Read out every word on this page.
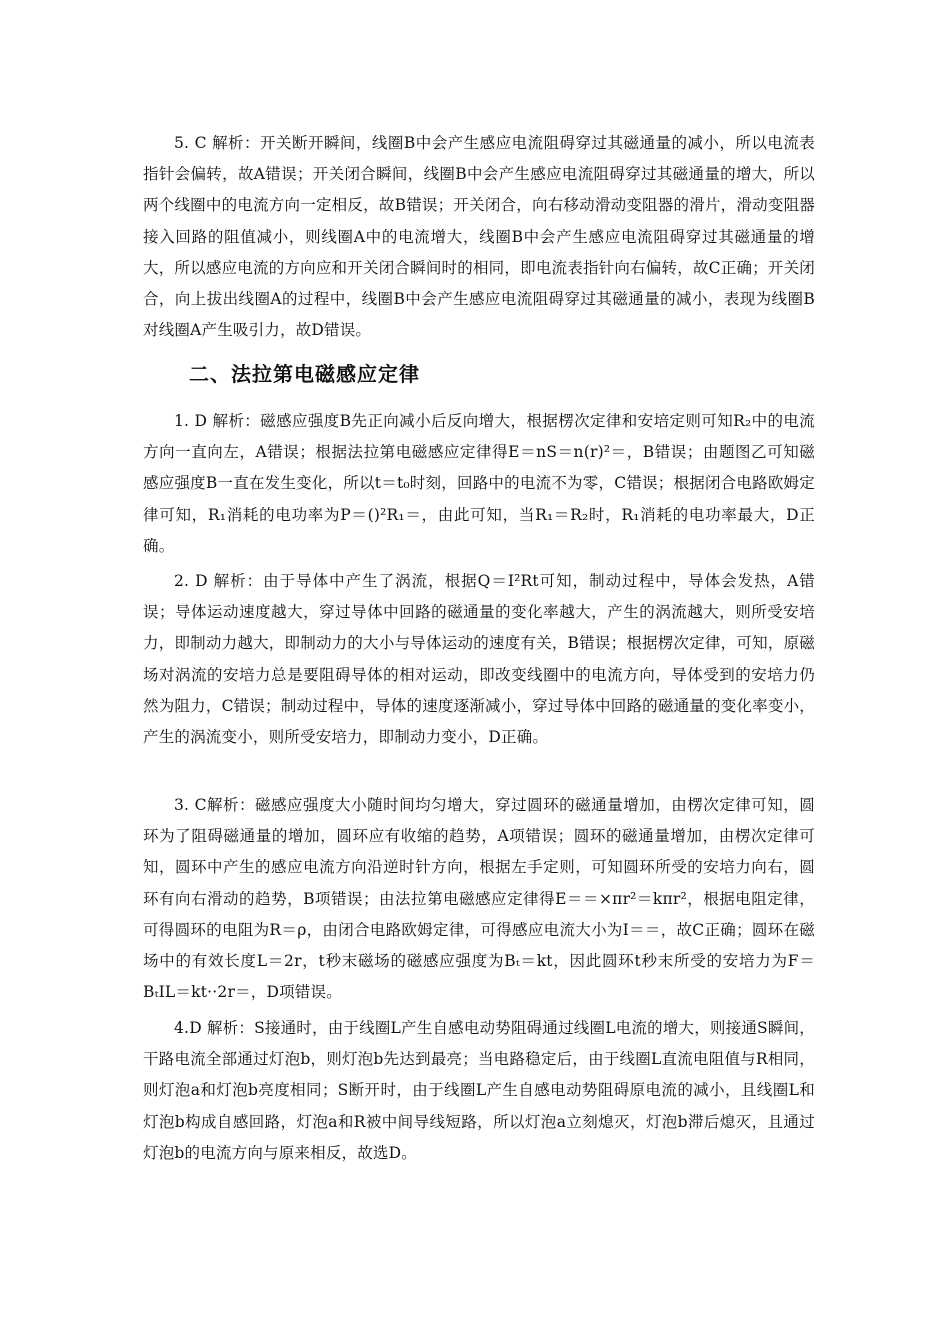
5. C 解析：开关断开瞬间，线圈B中会产生感应电流阻碍穿过其磁通量的减小，所以电流表指针会偏转，故A错误；开关闭合瞬间，线圈B中会产生感应电流阻碍穿过其磁通量的增大，所以两个线圈中的电流方向一定相反，故B错误；开关闭合，向右移动滑动变阻器的滑片，滑动变阻器接入回路的阻值减小，则线圈A中的电流增大，线圈B中会产生感应电流阻碍穿过其磁通量的增大，所以感应电流的方向应和开关闭合瞬间时的相同，即电流表指针向右偏转，故C正确；开关闭合，向上拔出线圈A的过程中，线圈B中会产生感应电流阻碍穿过其磁通量的减小，表现为线圈B对线圈A产生吸引力，故D错误。

二、法拉第电磁感应定律

1. D 解析：磁感应强度B先正向减小后反向增大，根据楞次定律和安培定则可知R₂中的电流方向一直向左，A错误；根据法拉第电磁感应定律得E＝nS＝n(r)²＝，B错误；由题图乙可知磁感应强度B一直在发生变化，所以t＝t₀时刻，回路中的电流不为零，C错误；根据闭合电路欧姆定律可知，R₁消耗的电功率为P＝()²R₁＝，由此可知，当R₁＝R₂时，R₁消耗的电功率最大，D正确。

2. D 解析：由于导体中产生了涡流，根据Q＝I²Rt可知，制动过程中，导体会发热，A错误；导体运动速度越大，穿过导体中回路的磁通量的变化率越大，产生的涡流越大，则所受安培力，即制动力越大，即制动力的大小与导体运动的速度有关，B错误；根据楞次定律，可知，原磁场对涡流的安培力总是要阻碍导体的相对运动，即改变线圈中的电流方向，导体受到的安培力仍然为阻力，C错误；制动过程中，导体的速度逐渐减小，穿过导体中回路的磁通量的变化率变小，产生的涡流变小，则所受安培力，即制动力变小，D正确。

3. C解析：磁感应强度大小随时间均匀增大，穿过圆环的磁通量增加，由楞次定律可知，圆环为了阻碍磁通量的增加，圆环应有收缩的趋势，A项错误；圆环的磁通量增加，由楞次定律可知，圆环中产生的感应电流方向沿逆时针方向，根据左手定则，可知圆环所受的安培力向右，圆环有向右滑动的趋势，B项错误；由法拉第电磁感应定律得E＝＝×πr²＝kπr²，根据电阻定律，可得圆环的电阻为R＝ρ，由闭合电路欧姆定律，可得感应电流大小为I＝＝，故C正确；圆环在磁场中的有效长度L＝2r，t秒末磁场的磁感应强度为Bₜ＝kt，因此圆环t秒末所受的安培力为F＝BₜIL＝kt··2r＝，D项错误。

4.D 解析：S接通时，由于线圈L产生自感电动势阻碍通过线圈L电流的增大，则接通S瞬间，干路电流全部通过灯泡b，则灯泡b先达到最亮；当电路稳定后，由于线圈L直流电阻值与R相同，则灯泡a和灯泡b亮度相同；S断开时，由于线圈L产生自感电动势阻碍原电流的减小，且线圈L和灯泡b构成自感回路，灯泡a和R被中间导线短路，所以灯泡a立刻熄灭，灯泡b滞后熄灭，且通过灯泡b的电流方向与原来相反，故选D。
